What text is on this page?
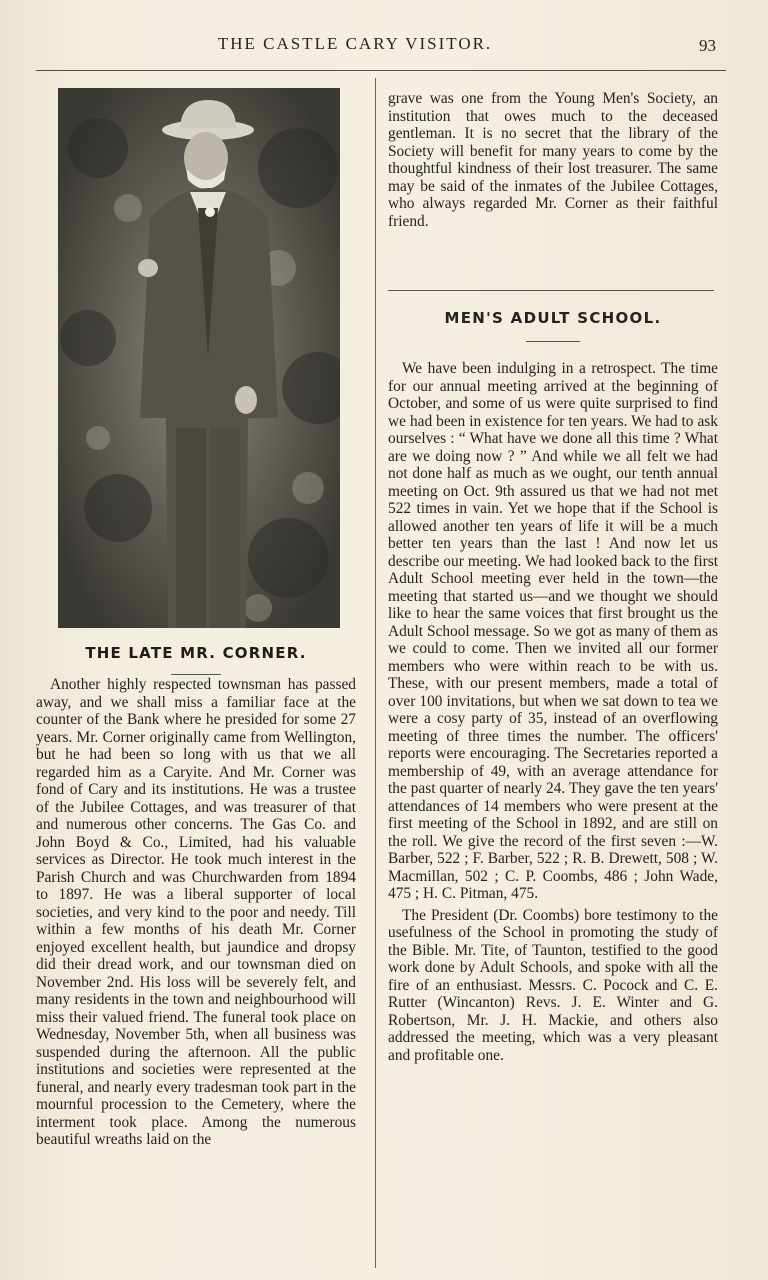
THE CASTLE CARY VISITOR.	93
THE LATE MR. CORNER.

Another highly respected townsman has passed away, and we shall miss a familiar face at the counter of the Bank where he presided for some 27 years. Mr. Corner originally came from Wellington, but he had been so long with us that we all regarded him as a Caryite. And Mr. Corner was fond of Cary and its institutions. He was a trustee of the Jubilee Cottages, and was treasurer of that and numerous other concerns. The Gas Co. and John Boyd & Co., Limited, had his valuable services as Director. He took much interest in the Parish Church and was Churchwarden from 1894 to 1897. He was a liberal supporter of local societies, and very kind to the poor and needy. Till within a few months of his death Mr. Corner enjoyed excellent health, but jaundice and dropsy did their dread work, and our townsman died on November 2nd. His loss will be severely felt, and many residents in the town and neighbourhood will miss their valued friend. The funeral took place on Wednesday, November 5th, when all business was suspended during the afternoon. All the public institutions and societies were represented at the funeral, and nearly every tradesman took part in the mournful procession to the Cemetery, where the interment took place. Among the numerous beautiful wreaths laid on the

grave was one from the Young Men's Society, an institution that owes much to the deceased gentleman. It is no secret that the library of the Society will benefit for many years to come by the thoughtful kindness of their lost treasurer. The same may be said of the inmates of the Jubilee Cottages, who always regarded Mr. Corner as their faithful friend.

MEN'S ADULT SCHOOL.

We have been indulging in a retrospect. The time for our annual meeting arrived at the beginning of October, and some of us were quite surprised to find we had been in existence for ten years. We had to ask ourselves : “ What have we done all this time ? What are we doing now ? ” And while we all felt we had not done half as much as we ought, our tenth annual meeting on Oct. 9th assured us that we had not met 522 times in vain. Yet we hope that if the School is allowed another ten years of life it will be a much better ten years than the last ! And now let us describe our meeting. We had looked back to the first Adult School meeting ever held in the town—the meeting that started us—and we thought we should like to hear the same voices that first brought us the Adult School message. So we got as many of them as we could to come. Then we invited all our former members who were within reach to be with us. These, with our present members, made a total of over 100 invitations, but when we sat down to tea we were a cosy party of 35, instead of an overflowing meeting of three times the number. The officers' reports were encouraging. The Secretaries reported a membership of 49, with an average attendance for the past quarter of nearly 24. They gave the ten years' attendances of 14 members who were present at the first meeting of the School in 1892, and are still on the roll. We give the record of the first seven :—W. Barber, 522 ; F. Barber, 522 ; R. B. Drewett, 508 ; W. Macmillan, 502 ; C. P. Coombs, 486 ; John Wade, 475 ; H. C. Pitman, 475.

The President (Dr. Coombs) bore testimony to the usefulness of the School in promoting the study of the Bible. Mr. Tite, of Taunton, testified to the good work done by Adult Schools, and spoke with all the fire of an enthusiast. Messrs. C. Pocock and C. E. Rutter (Wincanton) Revs. J. E. Winter and G. Robertson, Mr. J. H. Mackie, and others also addressed the meeting, which was a very pleasant and profitable one.
